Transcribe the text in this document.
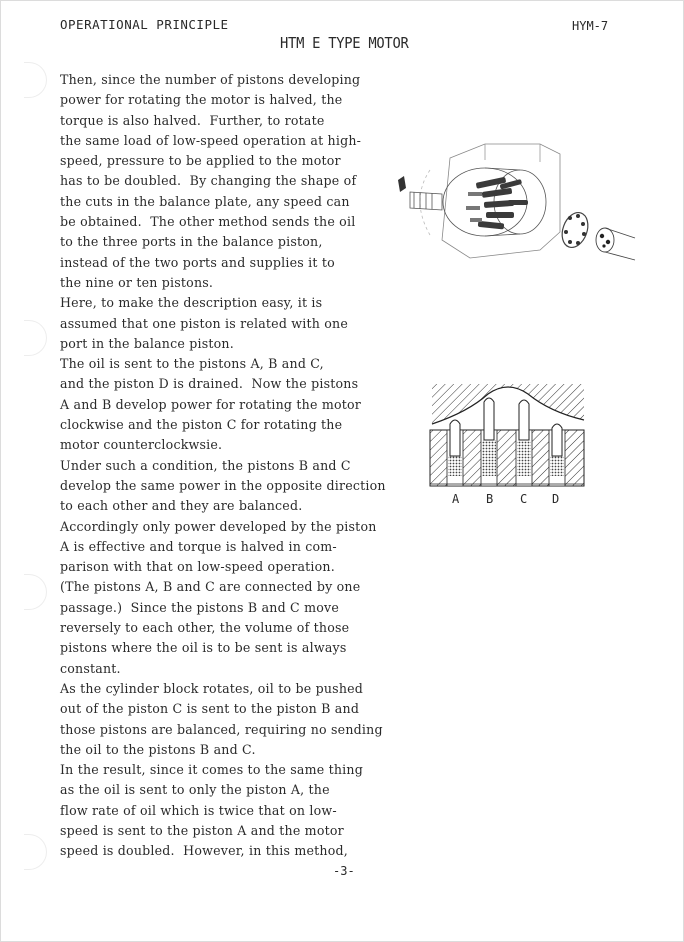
OPERATIONAL PRINCIPLE	HYM-7
HTM E TYPE MOTOR
Then, since the number of pistons developing
power for rotating the motor is halved, the
torque is also halved.  Further, to rotate
the same load of low-speed operation at high-
speed, pressure to be applied to the motor
has to be doubled.  By changing the shape of
the cuts in the balance plate, any speed can
be obtained.  The other method sends the oil
to the three ports in the balance piston,
instead of the two ports and supplies it to
the nine or ten pistons.
Here, to make the description easy, it is
assumed that one piston is related with one
port in the balance piston.
The oil is sent to the pistons A, B and C,
and the piston D is drained.  Now the pistons
A and B develop power for rotating the motor
clockwise and the piston C for rotating the
motor counterclockwsie.
Under such a condition, the pistons B and C
develop the same power in the opposite direction
to each other and they are balanced.
Accordingly only power developed by the piston
A is effective and torque is halved in com-
parison with that on low-speed operation.
(The pistons A, B and C are connected by one
passage.)  Since the pistons B and C move
reversely to each other, the volume of those
pistons where the oil is to be sent is always
constant.
As the cylinder block rotates, oil to be pushed
out of the piston C is sent to the piston B and
those pistons are balanced, requiring no sending
the oil to the pistons B and C.
In the result, since it comes to the same thing
as the oil is sent to only the piston A, the
flow rate of oil which is twice that on low-
speed is sent to the piston A and the motor
speed is doubled.  However, in this method,
A B C D
-3-
